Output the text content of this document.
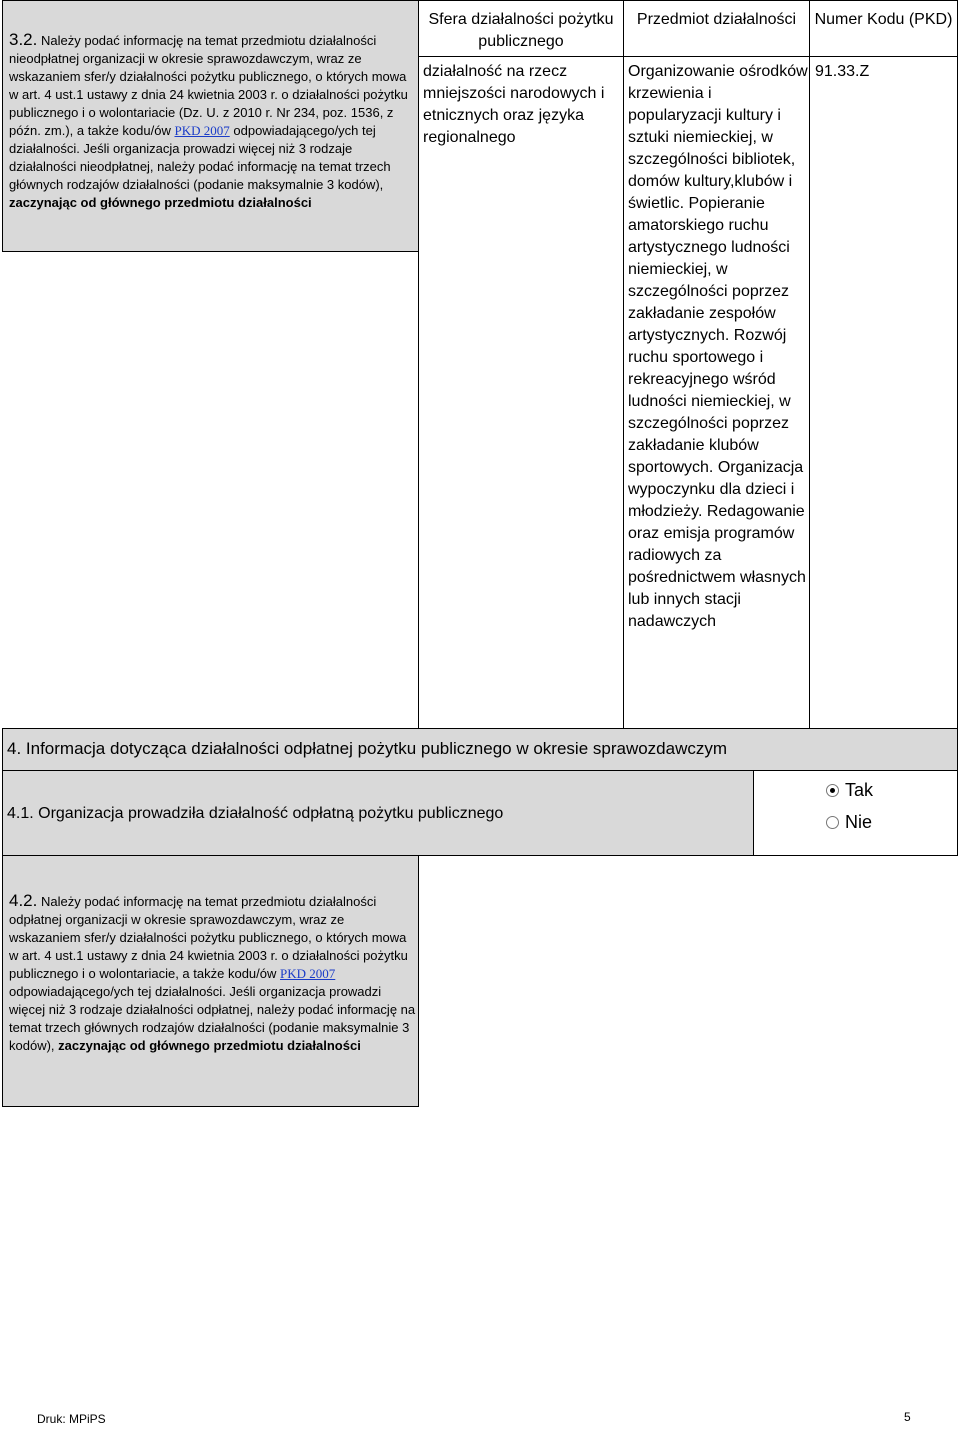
3.2. Należy podać informację na temat przedmiotu działalności nieodpłatnej organizacji w okresie sprawozdawczym, wraz ze wskazaniem sfer/y działalności pożytku publicznego, o których mowa w art. 4 ust.1 ustawy z dnia 24 kwietnia 2003 r. o działalności pożytku publicznego i o wolontariacie (Dz. U. z 2010 r. Nr 234, poz. 1536, z późn. zm.), a także kodu/ów PKD 2007 odpowiadającego/ych tej działalności. Jeśli organizacja prowadzi więcej niż 3 rodzaje działalności nieodpłatnej, należy podać informację na temat trzech głównych rodzajów działalności (podanie maksymalnie 3 kodów), zaczynając od głównego przedmiotu działalności
Sfera działalności pożytku publicznego
działalność na rzecz mniejszości narodowych i etnicznych oraz języka regionalnego
Przedmiot działalności
Organizowanie ośrodków krzewienia i popularyzacji kultury i sztuki niemieckiej, w szczególności bibliotek, domów kultury,klubów i świetlic. Popieranie amatorskiego ruchu artystycznego ludności niemieckiej, w szczególności poprzez zakładanie zespołów artystycznych. Rozwój ruchu sportowego i rekreacyjnego wśród ludności niemieckiej, w szczególności poprzez zakładanie klubów sportowych. Organizacja wypoczynku dla dzieci i młodzieży. Redagowanie oraz emisja programów radiowych za pośrednictwem własnych lub innych stacji nadawczych
Numer Kodu (PKD)
91.33.Z
4. Informacja dotycząca działalności odpłatnej pożytku publicznego w okresie sprawozdawczym
4.1. Organizacja prowadziła działalność odpłatną pożytku publicznego
Tak
Nie
4.2. Należy podać informację na temat przedmiotu działalności odpłatnej organizacji w okresie sprawozdawczym, wraz ze wskazaniem sfer/y działalności pożytku publicznego, o których mowa w art. 4 ust.1 ustawy z dnia 24 kwietnia 2003 r. o działalności pożytku publicznego i o wolontariacie, a także kodu/ów PKD 2007 odpowiadającego/ych tej działalności. Jeśli organizacja prowadzi więcej niż 3 rodzaje działalności odpłatnej, należy podać informację na temat trzech głównych rodzajów działalności (podanie maksymalnie 3 kodów), zaczynając od głównego przedmiotu działalności
Druk: MPiPS	5
